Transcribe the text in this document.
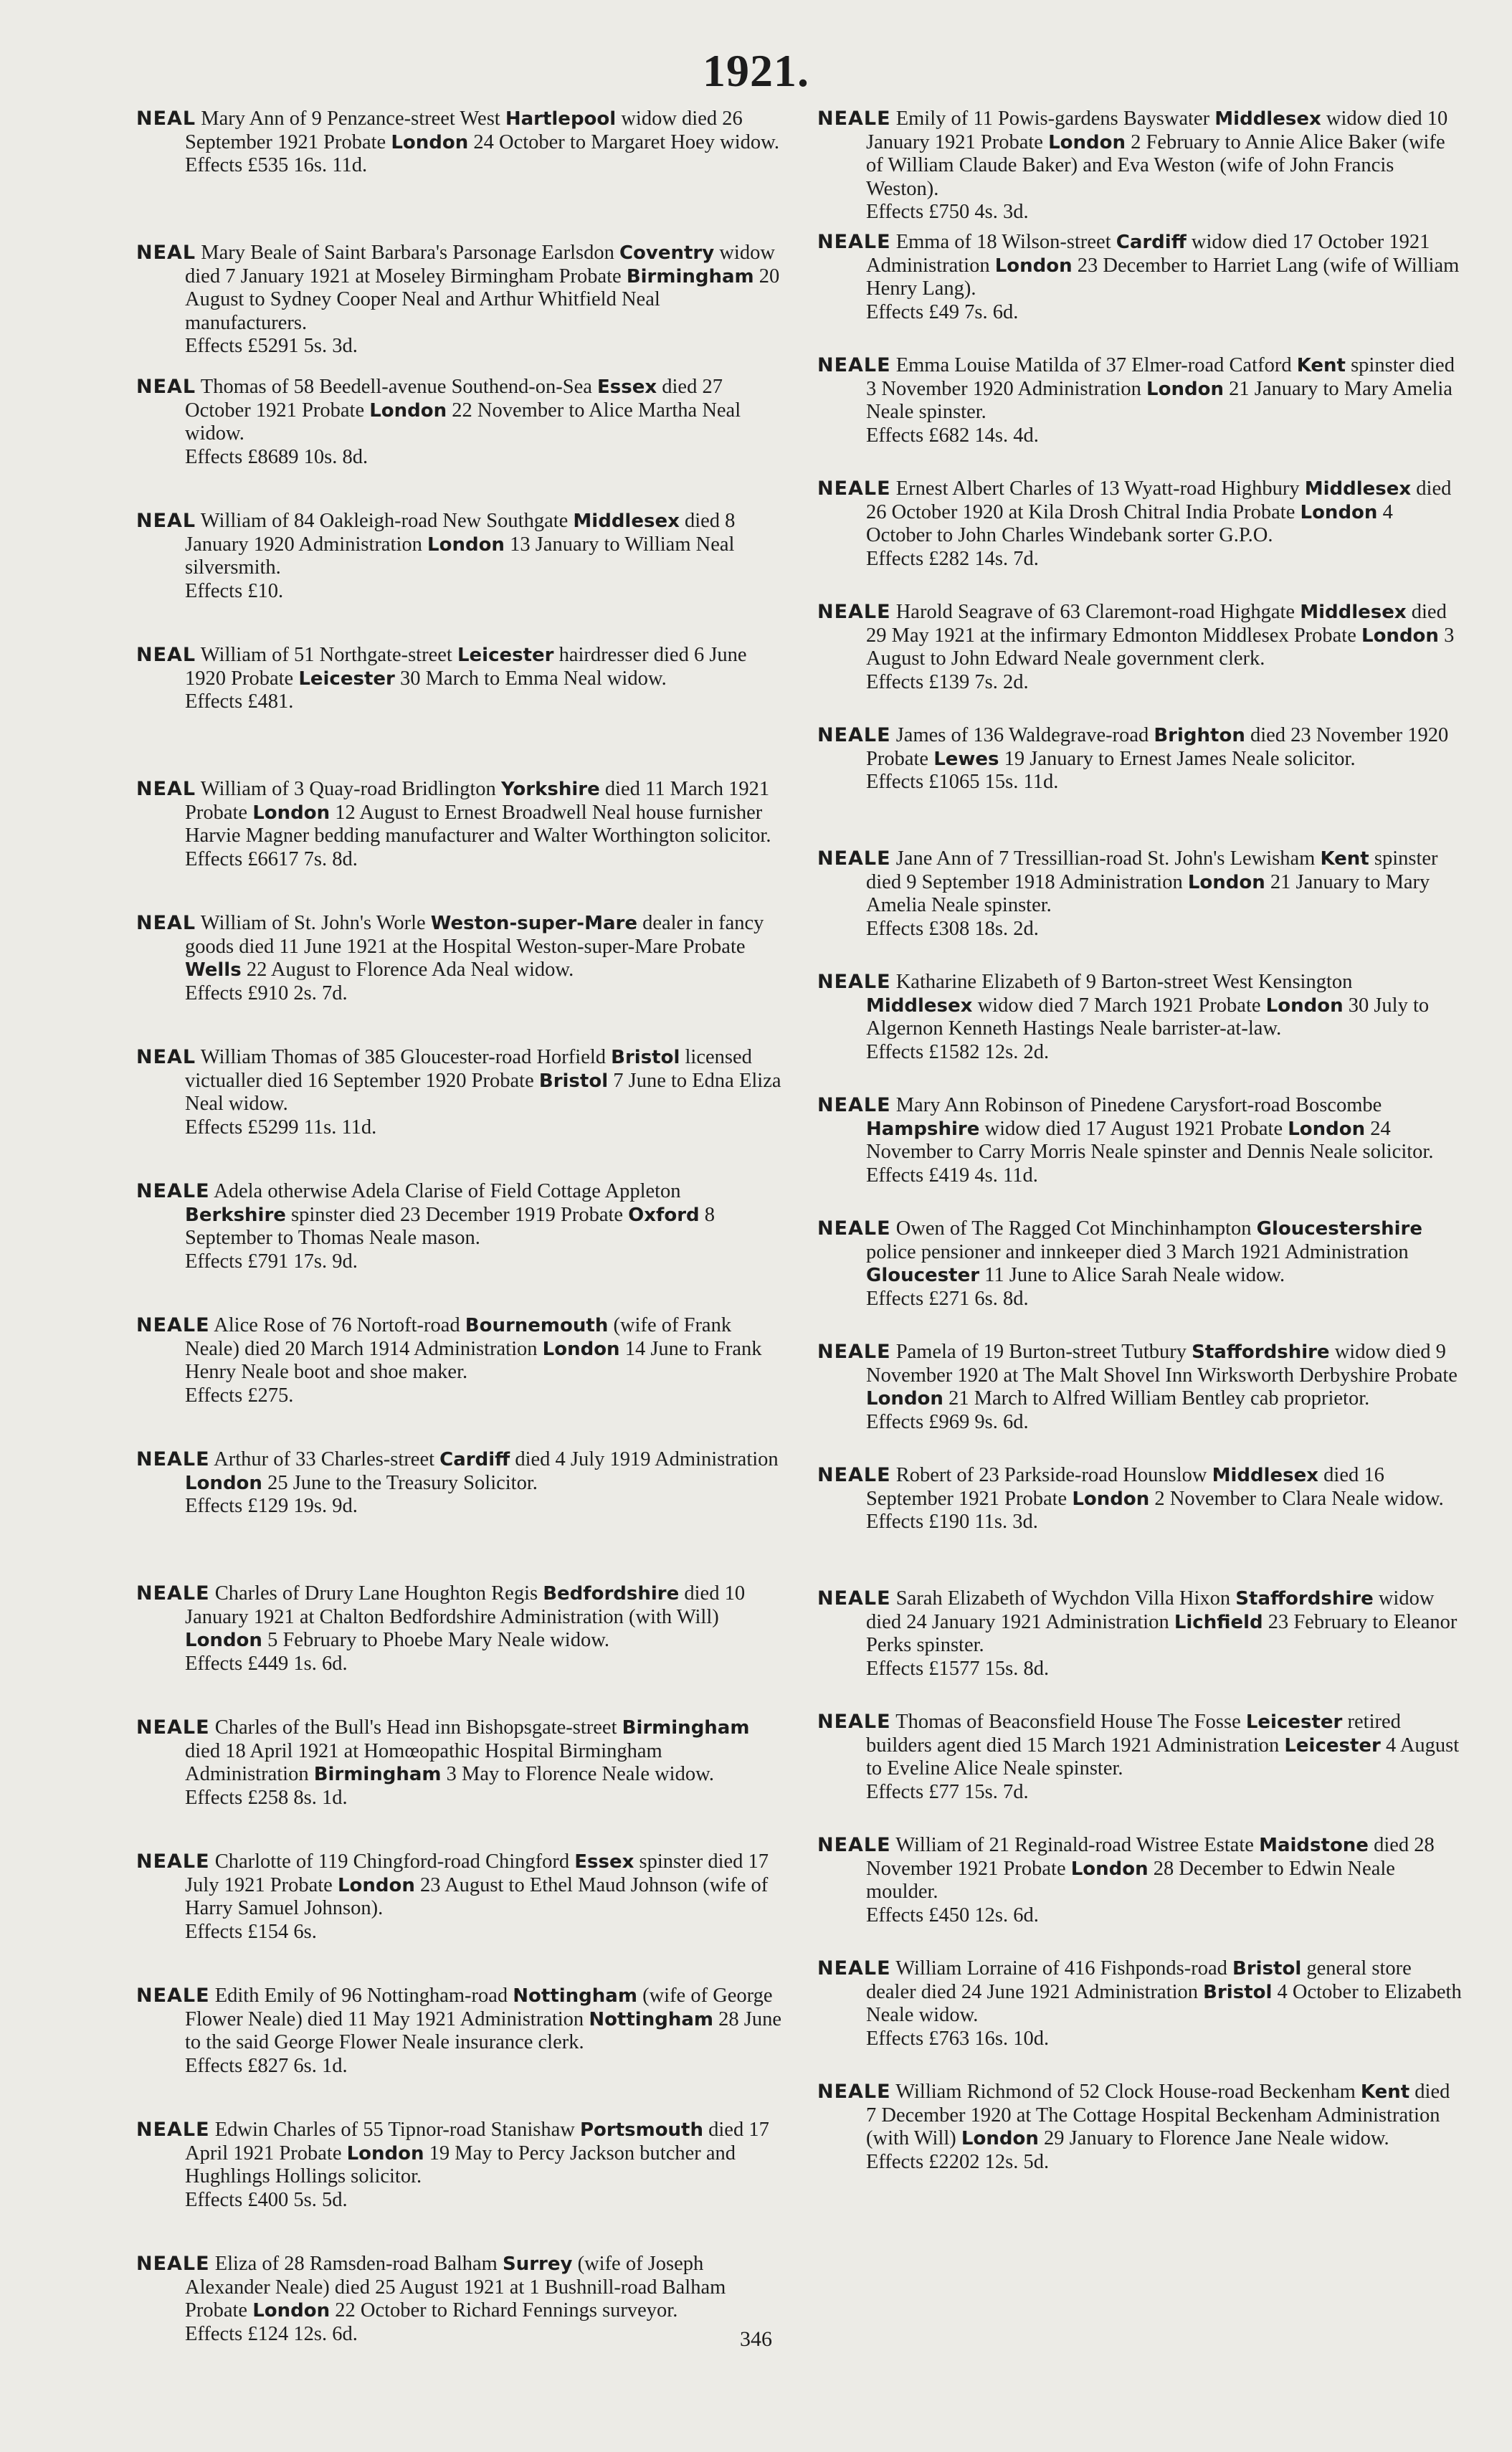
1921.

NEAL Mary Ann of 9 Penzance-street West Hartlepool widow died 26 September 1921 Probate London 24 October to Margaret Hoey widow.
Effects £535 16s. 11d.

NEAL Mary Beale of Saint Barbara's Parsonage Earlsdon Coventry widow died 7 January 1921 at Moseley Birmingham Probate Birmingham 20 August to Sydney Cooper Neal and Arthur Whitfield Neal manufacturers.
Effects £5291 5s. 3d.

NEAL Thomas of 58 Beedell-avenue Southend-on-Sea Essex died 27 October 1921 Probate London 22 November to Alice Martha Neal widow.
Effects £8689 10s. 8d.

NEAL William of 84 Oakleigh-road New Southgate Middlesex died 8 January 1920 Administration London 13 January to William Neal silversmith.
Effects £10.

NEAL William of 51 Northgate-street Leicester hairdresser died 6 June 1920 Probate Leicester 30 March to Emma Neal widow.
Effects £481.

NEAL William of 3 Quay-road Bridlington Yorkshire died 11 March 1921 Probate London 12 August to Ernest Broadwell Neal house furnisher Harvie Magner bedding manufacturer and Walter Worthington solicitor.
Effects £6617 7s. 8d.

NEAL William of St. John's Worle Weston-super-Mare dealer in fancy goods died 11 June 1921 at the Hospital Weston-super-Mare Probate Wells 22 August to Florence Ada Neal widow.
Effects £910 2s. 7d.

NEAL William Thomas of 385 Gloucester-road Horfield Bristol licensed victualler died 16 September 1920 Probate Bristol 7 June to Edna Eliza Neal widow.
Effects £5299 11s. 11d.

NEALE Adela otherwise Adela Clarise of Field Cottage Appleton Berkshire spinster died 23 December 1919 Probate Oxford 8 September to Thomas Neale mason.
Effects £791 17s. 9d.

NEALE Alice Rose of 76 Nortoft-road Bournemouth (wife of Frank Neale) died 20 March 1914 Administration London 14 June to Frank Henry Neale boot and shoe maker.
Effects £275.

NEALE Arthur of 33 Charles-street Cardiff died 4 July 1919 Administration London 25 June to the Treasury Solicitor.
Effects £129 19s. 9d.

NEALE Charles of Drury Lane Houghton Regis Bedfordshire died 10 January 1921 at Chalton Bedfordshire Administration (with Will) London 5 February to Phoebe Mary Neale widow.
Effects £449 1s. 6d.

NEALE Charles of the Bull's Head inn Bishopsgate-street Birmingham died 18 April 1921 at Homœopathic Hospital Birmingham Administration Birmingham 3 May to Florence Neale widow.
Effects £258 8s. 1d.

NEALE Charlotte of 119 Chingford-road Chingford Essex spinster died 17 July 1921 Probate London 23 August to Ethel Maud Johnson (wife of Harry Samuel Johnson).
Effects £154 6s.

NEALE Edith Emily of 96 Nottingham-road Nottingham (wife of George Flower Neale) died 11 May 1921 Administration Nottingham 28 June to the said George Flower Neale insurance clerk.
Effects £827 6s. 1d.

NEALE Edwin Charles of 55 Tipnor-road Stanishaw Portsmouth died 17 April 1921 Probate London 19 May to Percy Jackson butcher and Hughlings Hollings solicitor.
Effects £400 5s. 5d.

NEALE Eliza of 28 Ramsden-road Balham Surrey (wife of Joseph Alexander Neale) died 25 August 1921 at 1 Bushnill-road Balham Probate London 22 October to Richard Fennings surveyor.
Effects £124 12s. 6d.

NEALE Emily of 11 Powis-gardens Bayswater Middlesex widow died 10 January 1921 Probate London 2 February to Annie Alice Baker (wife of William Claude Baker) and Eva Weston (wife of John Francis Weston).
Effects £750 4s. 3d.

NEALE Emma of 18 Wilson-street Cardiff widow died 17 October 1921 Administration London 23 December to Harriet Lang (wife of William Henry Lang).
Effects £49 7s. 6d.

NEALE Emma Louise Matilda of 37 Elmer-road Catford Kent spinster died 3 November 1920 Administration London 21 January to Mary Amelia Neale spinster.
Effects £682 14s. 4d.

NEALE Ernest Albert Charles of 13 Wyatt-road Highbury Middlesex died 26 October 1920 at Kila Drosh Chitral India Probate London 4 October to John Charles Windebank sorter G.P.O.
Effects £282 14s. 7d.

NEALE Harold Seagrave of 63 Claremont-road Highgate Middlesex died 29 May 1921 at the infirmary Edmonton Middlesex Probate London 3 August to John Edward Neale government clerk.
Effects £139 7s. 2d.

NEALE James of 136 Waldegrave-road Brighton died 23 November 1920 Probate Lewes 19 January to Ernest James Neale solicitor.
Effects £1065 15s. 11d.

NEALE Jane Ann of 7 Tressillian-road St. John's Lewisham Kent spinster died 9 September 1918 Administration London 21 January to Mary Amelia Neale spinster.
Effects £308 18s. 2d.

NEALE Katharine Elizabeth of 9 Barton-street West Kensington Middlesex widow died 7 March 1921 Probate London 30 July to Algernon Kenneth Hastings Neale barrister-at-law.
Effects £1582 12s. 2d.

NEALE Mary Ann Robinson of Pinedene Carysfort-road Boscombe Hampshire widow died 17 August 1921 Probate London 24 November to Carry Morris Neale spinster and Dennis Neale solicitor.
Effects £419 4s. 11d.

NEALE Owen of The Ragged Cot Minchinhampton Gloucestershire police pensioner and innkeeper died 3 March 1921 Administration Gloucester 11 June to Alice Sarah Neale widow.
Effects £271 6s. 8d.

NEALE Pamela of 19 Burton-street Tutbury Staffordshire widow died 9 November 1920 at The Malt Shovel Inn Wirksworth Derbyshire Probate London 21 March to Alfred William Bentley cab proprietor.
Effects £969 9s. 6d.

NEALE Robert of 23 Parkside-road Hounslow Middlesex died 16 September 1921 Probate London 2 November to Clara Neale widow.
Effects £190 11s. 3d.

NEALE Sarah Elizabeth of Wychdon Villa Hixon Staffordshire widow died 24 January 1921 Administration Lichfield 23 February to Eleanor Perks spinster.
Effects £1577 15s. 8d.

NEALE Thomas of Beaconsfield House The Fosse Leicester retired builders agent died 15 March 1921 Administration Leicester 4 August to Eveline Alice Neale spinster.
Effects £77 15s. 7d.

NEALE William of 21 Reginald-road Wistree Estate Maidstone died 28 November 1921 Probate London 28 December to Edwin Neale moulder.
Effects £450 12s. 6d.

NEALE William Lorraine of 416 Fishponds-road Bristol general store dealer died 24 June 1921 Administration Bristol 4 October to Elizabeth Neale widow.
Effects £763 16s. 10d.

NEALE William Richmond of 52 Clock House-road Beckenham Kent died 7 December 1920 at The Cottage Hospital Beckenham Administration (with Will) London 29 January to Florence Jane Neale widow.
Effects £2202 12s. 5d.

346
